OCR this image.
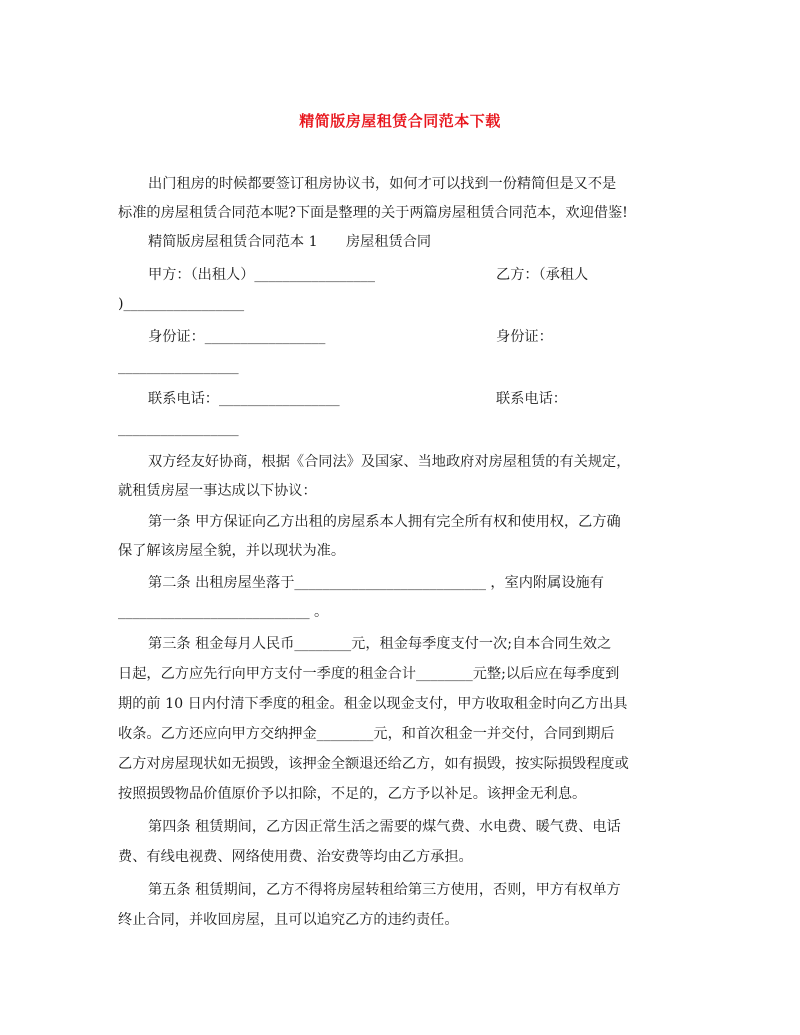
精简版房屋租赁合同范本下载
出门租房的时候都要签订租房协议书，如何才可以找到一份精简但是又不是
标准的房屋租赁合同范本呢?下面是整理的关于两篇房屋租赁合同范本，欢迎借鉴!
精简版房屋租赁合同范本 1　　房屋租赁合同
甲方：（出租人）_________________	乙方：（承租人
)_________________
身份证：_________________	身份证：
_________________
联系电话：_________________	联系电话：
_________________
双方经友好协商，根据《合同法》及国家、当地政府对房屋租赁的有关规定，
就租赁房屋一事达成以下协议：
第一条 甲方保证向乙方出租的房屋系本人拥有完全所有权和使用权，乙方确
保了解该房屋全貌，并以现状为准。
第二条 出租房屋坐落于___________________________ ，室内附属设施有
___________________________ 。
第三条 租金每月人民币________元，租金每季度支付一次;自本合同生效之
日起，乙方应先行向甲方支付一季度的租金合计________元整;以后应在每季度到
期的前 10 日内付清下季度的租金。租金以现金支付，甲方收取租金时向乙方出具
收条。乙方还应向甲方交纳押金________元，和首次租金一并交付，合同到期后
乙方对房屋现状如无损毁，该押金全额退还给乙方，如有损毁，按实际损毁程度或
按照损毁物品价值原价予以扣除，不足的，乙方予以补足。该押金无利息。
第四条 租赁期间，乙方因正常生活之需要的煤气费、水电费、暖气费、电话
费、有线电视费、网络使用费、治安费等均由乙方承担。
第五条 租赁期间，乙方不得将房屋转租给第三方使用，否则，甲方有权单方
终止合同，并收回房屋，且可以追究乙方的违约责任。
